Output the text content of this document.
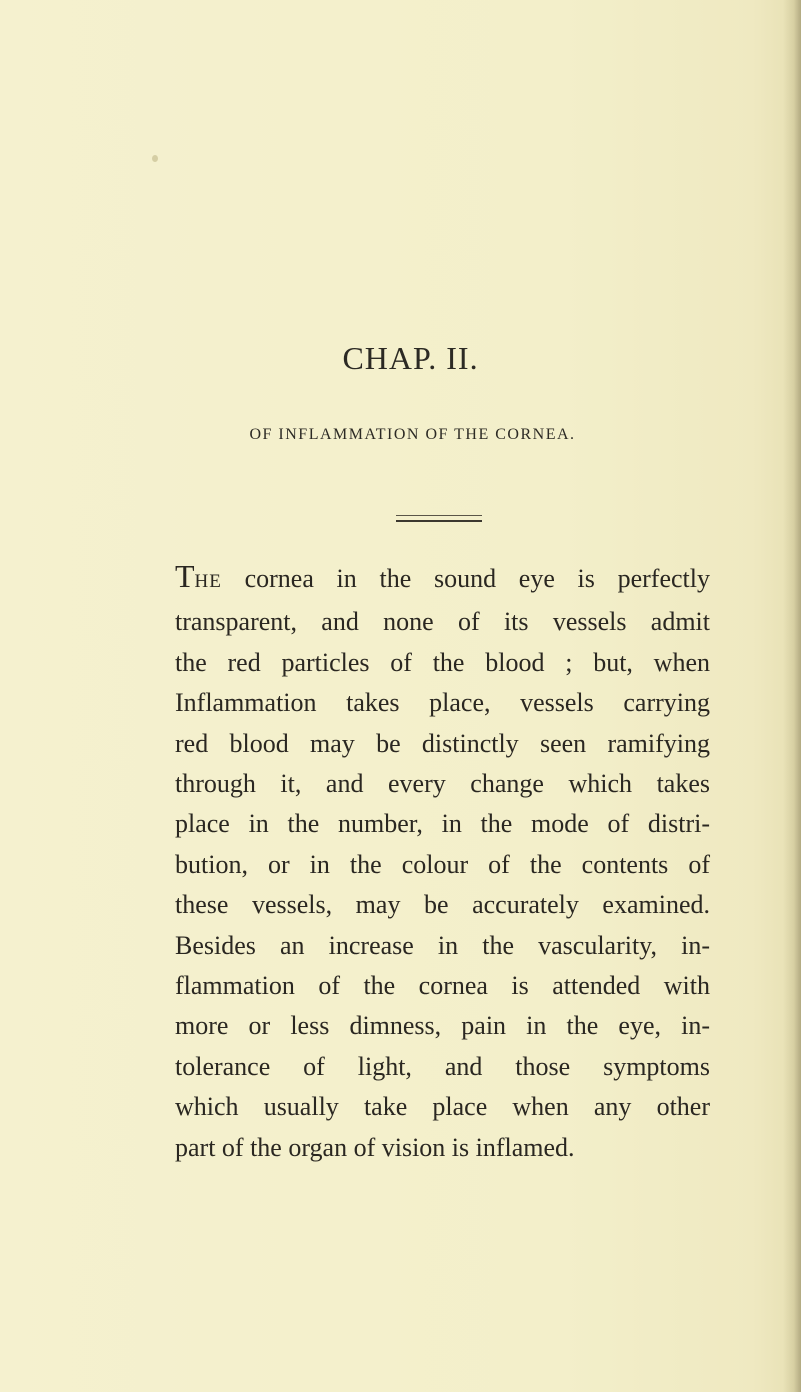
CHAP. II.
OF INFLAMMATION OF THE CORNEA.
THE cornea in the sound eye is perfectly
transparent, and none of its vessels admit
the red particles of the blood ; but, when
Inflammation takes place, vessels carrying
red blood may be distinctly seen ramifying
through it, and every change which takes
place in the number, in the mode of distri-
bution, or in the colour of the contents of
these vessels, may be accurately examined.
Besides an increase in the vascularity, in-
flammation of the cornea is attended with
more or less dimness, pain in the eye, in-
tolerance of light, and those symptoms
which usually take place when any other
part of the organ of vision is inflamed.
